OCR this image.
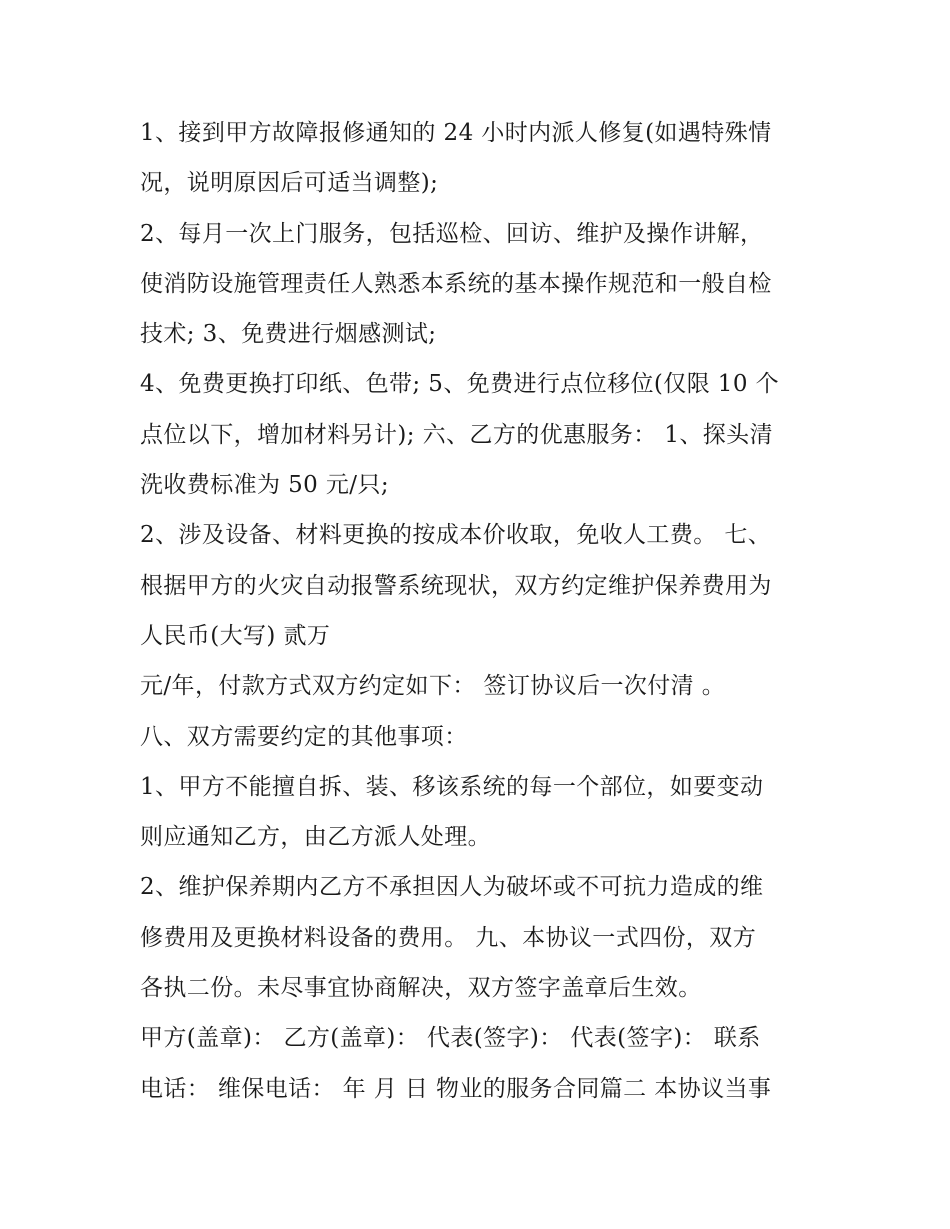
1、接到甲方故障报修通知的 24 小时内派人修复(如遇特殊情
况，说明原因后可适当调整);
2、每月一次上门服务，包括巡检、回访、维护及操作讲解，
使消防设施管理责任人熟悉本系统的基本操作规范和一般自检
技术; 3、免费进行烟感测试;
4、免费更换打印纸、色带; 5、免费进行点位移位(仅限 10 个
点位以下，增加材料另计); 六、乙方的优惠服务： 1、探头清
洗收费标准为 50 元/只;
2、涉及设备、材料更换的按成本价收取，免收人工费。 七、
根据甲方的火灾自动报警系统现状，双方约定维护保养费用为
人民币(大写) 贰万
元/年，付款方式双方约定如下： 签订协议后一次付清 。
八、双方需要约定的其他事项：
1、甲方不能擅自拆、装、移该系统的每一个部位，如要变动
则应通知乙方，由乙方派人处理。
2、维护保养期内乙方不承担因人为破坏或不可抗力造成的维
修费用及更换材料设备的费用。 九、本协议一式四份，双方
各执二份。未尽事宜协商解决，双方签字盖章后生效。
甲方(盖章)： 乙方(盖章)： 代表(签字)： 代表(签字)： 联系
电话： 维保电话： 年 月 日 物业的服务合同篇二 本协议当事
